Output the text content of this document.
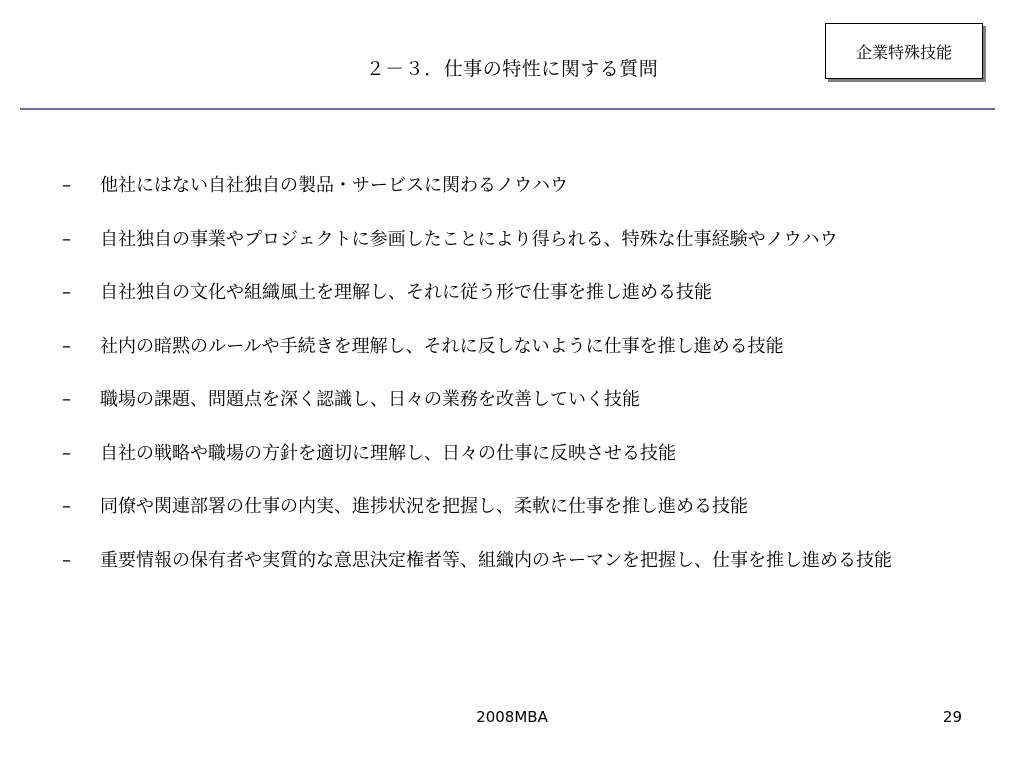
２－３．仕事の特性に関する質問
企業特殊技能
–	他社にはない自社独自の製品・サービスに関わるノウハウ
–	自社独自の事業やプロジェクトに参画したことにより得られる、特殊な仕事経験やノウハウ
–	自社独自の文化や組織風土を理解し、それに従う形で仕事を推し進める技能
–	社内の暗黙のルールや手続きを理解し、それに反しないように仕事を推し進める技能
–	職場の課題、問題点を深く認識し、日々の業務を改善していく技能
–	自社の戦略や職場の方針を適切に理解し、日々の仕事に反映させる技能
–	同僚や関連部署の仕事の内実、進捗状況を把握し、柔軟に仕事を推し進める技能
–	重要情報の保有者や実質的な意思決定権者等、組織内のキーマンを把握し、仕事を推し進める技能
2008MBA	29
